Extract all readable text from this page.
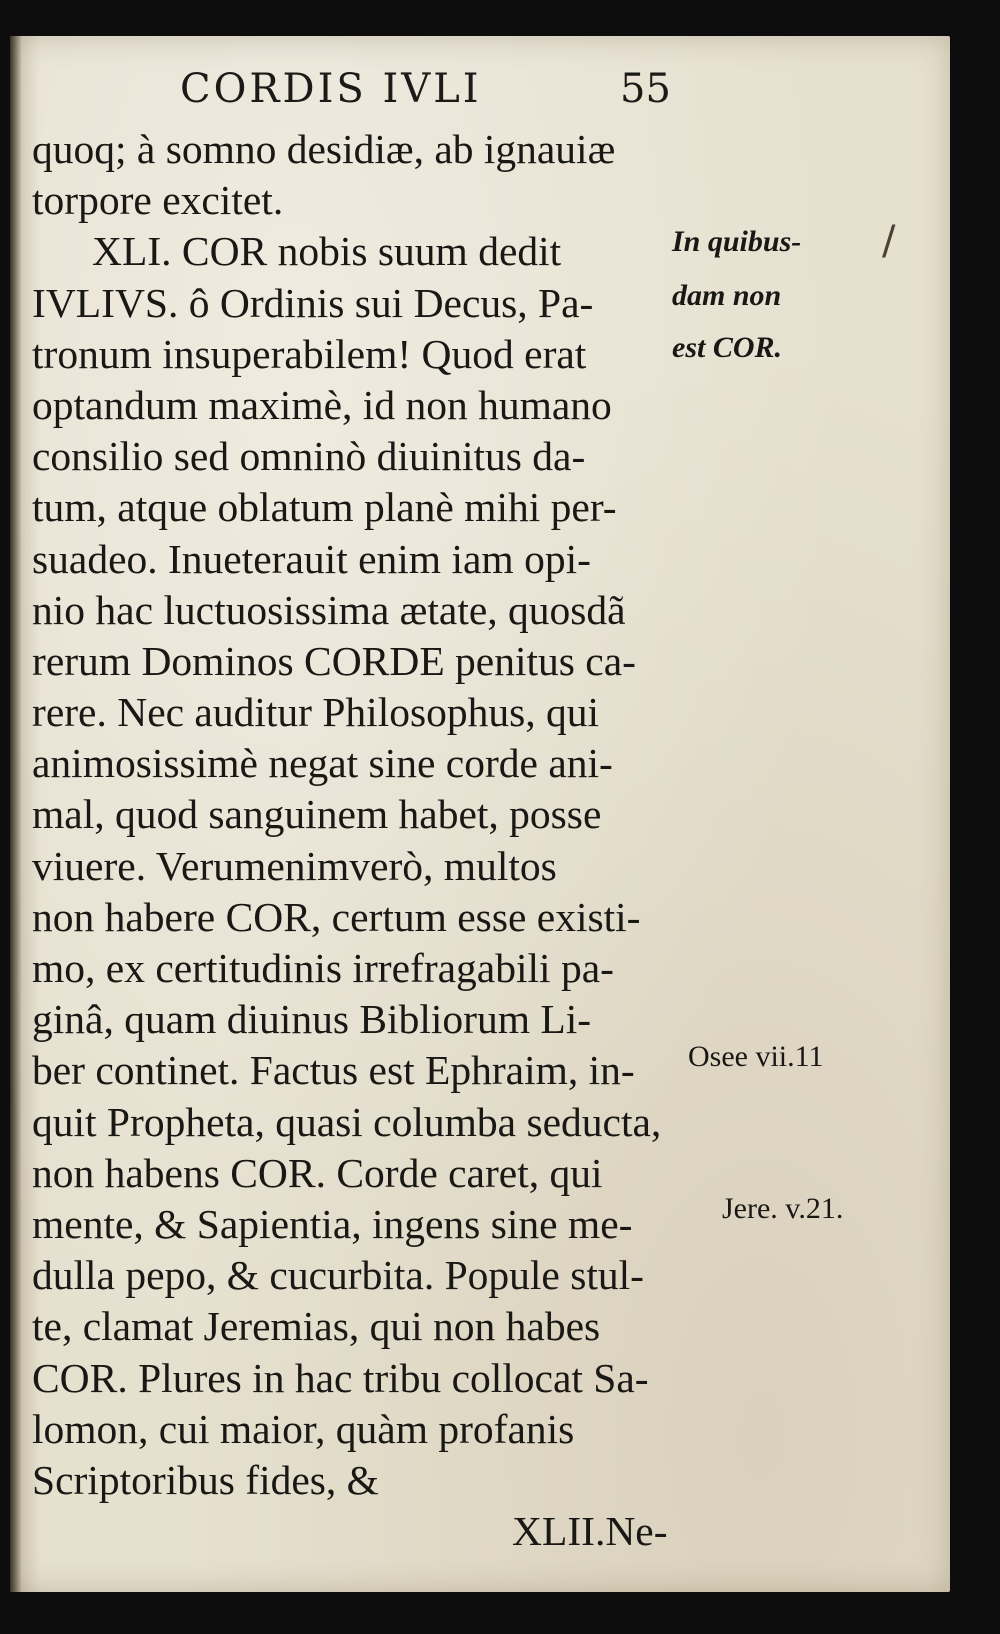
CORDIS IVLI	55
quoq; à somno desidiæ, ab ignauiæ
torpore excitet.
XLI. COR nobis suum dedit
IVLIVS. ô Ordinis sui Decus, Pa-
tronum insuperabilem! Quod erat
optandum maximè, id non humano
consilio sed omninò diuinitus da-
tum, atque oblatum planè mihi per-
suadeo. Inueterauit enim iam opi-
nio hac luctuosissima ætate, quosdã
rerum Dominos CORDE penitus ca-
rere. Nec auditur Philosophus, qui
animosissimè negat sine corde ani-
mal, quod sanguinem habet, posse
viuere. Verumenimverò, multos
non habere COR, certum esse existi-
mo, ex certitudinis irrefragabili pa-
ginâ, quam diuinus Bibliorum Li-
ber continet. Factus est Ephraim, in-
quit Propheta, quasi columba seducta,
non habens COR. Corde caret, qui
mente, & Sapientia, ingens sine me-
dulla pepo, & cucurbita. Popule stul-
te, clamat Jeremias, qui non habes
COR. Plures in hac tribu collocat Sa-
lomon, cui maior, quàm profanis
Scriptoribus fides, &
XLII.Ne-
In quibus-
dam non
est COR.
Osee vii.11
Jere. v.21.
/
